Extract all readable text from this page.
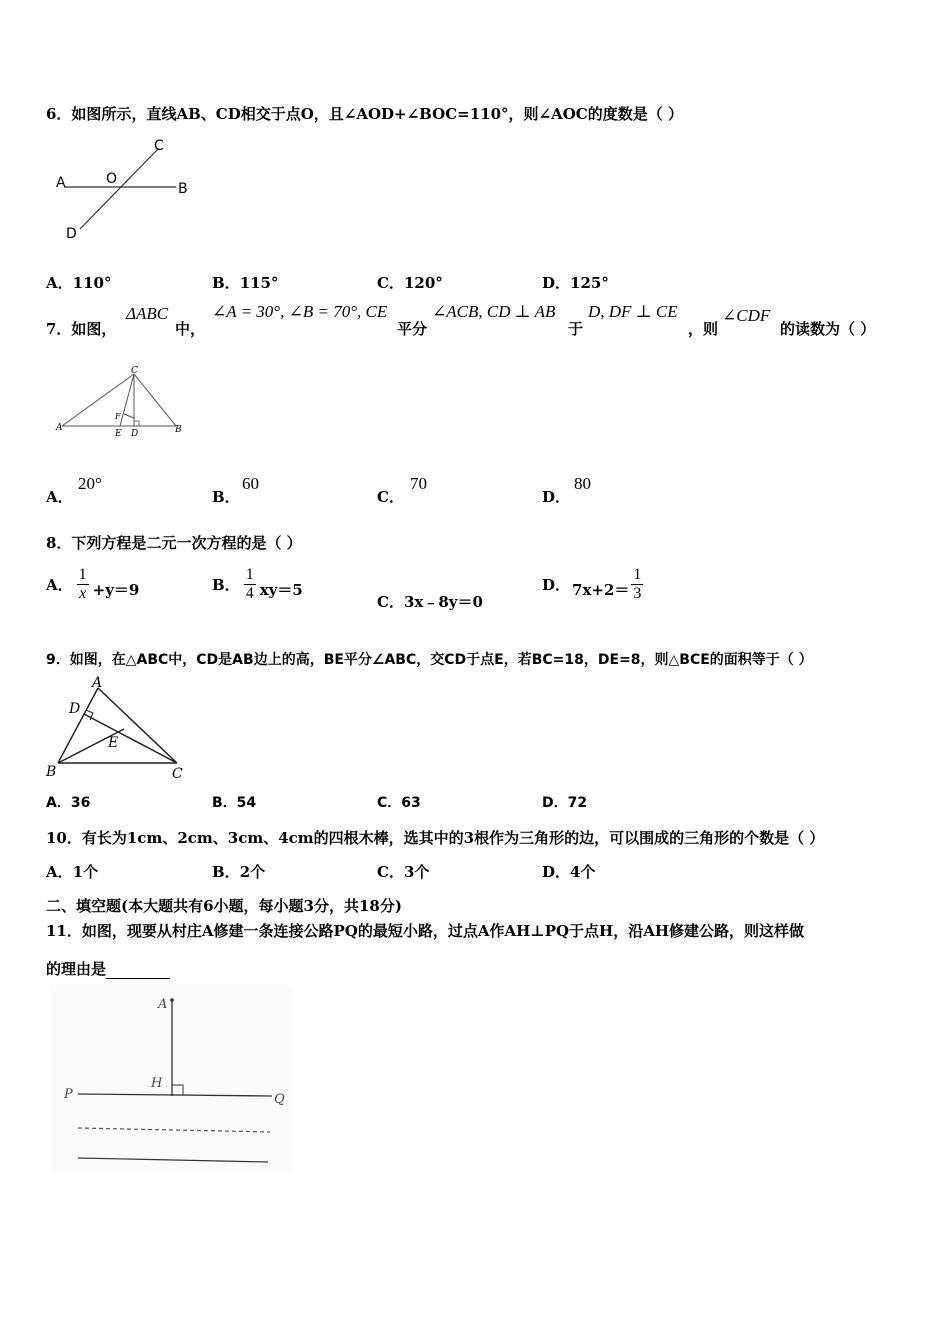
6．如图所示，直线AB、CD相交于点O，且∠AOD+∠BOC=110°，则∠AOC的度数是（ ）
A	O
B
C
D
A．110°	B．115°	C．120°	D．125°
7．如图，
ΔABC
中，
∠A = 30°, ∠B = 70°, CE
平分
∠ACB, CD ⊥ AB
于
D, DF ⊥ CE
，则
∠CDF
的读数为（ ）
C
A	B
E D
F
A．
20°
B．
60
C．
70
D．
80
8．下列方程是二元一次方程的是（ ）
A． $\frac{1}{x} +y=9$	B． $\frac{1}{4} xy=5$
C．3x﹣8y＝0
D． $7x+2= \frac{1}{3}$
9．如图，在△ABC中，CD是AB边上的高，BE平分∠ABC，交CD于点E，若BC=18，DE=8，则△BCE的面积等于（ ）
A
D
E
B	C
A．36	B．54	C．63	D．72
10．有长为1cm、2cm、3cm、4cm的四根木棒，选其中的3根作为三角形的边，可以围成的三角形的个数是（ ）
A．1个	B．2个	C．3个	D．4个
二、填空题(本大题共有6小题，每小题3分，共18分)
11．如图，现要从村庄A修建一条连接公路PQ的最短小路，过点A作AH⊥PQ于点H，沿AH修建公路，则这样做
的理由是
A
H
P	Q
